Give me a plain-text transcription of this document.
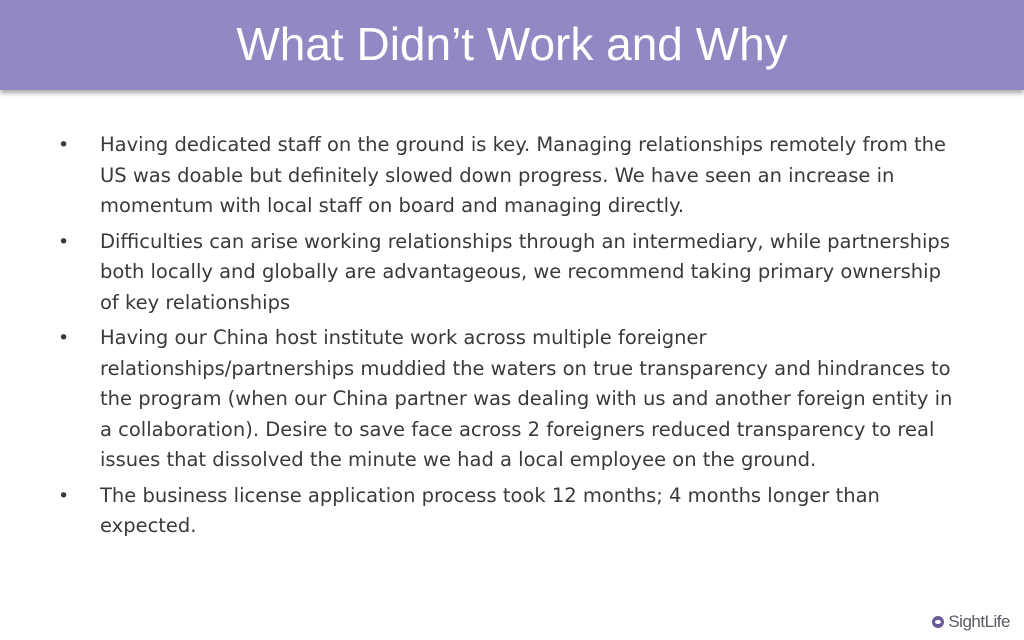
What Didn’t Work and Why
• Having dedicated staff on the ground is key. Managing relationships remotely from the US was doable but definitely slowed down progress. We have seen an increase in momentum with local staff on board and managing directly.
• Difficulties can arise working relationships through an intermediary, while partnerships both locally and globally are advantageous, we recommend taking primary ownership of key relationships
• Having our China host institute work across multiple foreigner relationships/partnerships muddied the waters on true transparency and hindrances to the program (when our China partner was dealing with us and another foreign entity in a collaboration). Desire to save face across 2 foreigners reduced transparency to real issues that dissolved the minute we had a local employee on the ground.
• The business license application process took 12 months; 4 months longer than expected.
SightLife
